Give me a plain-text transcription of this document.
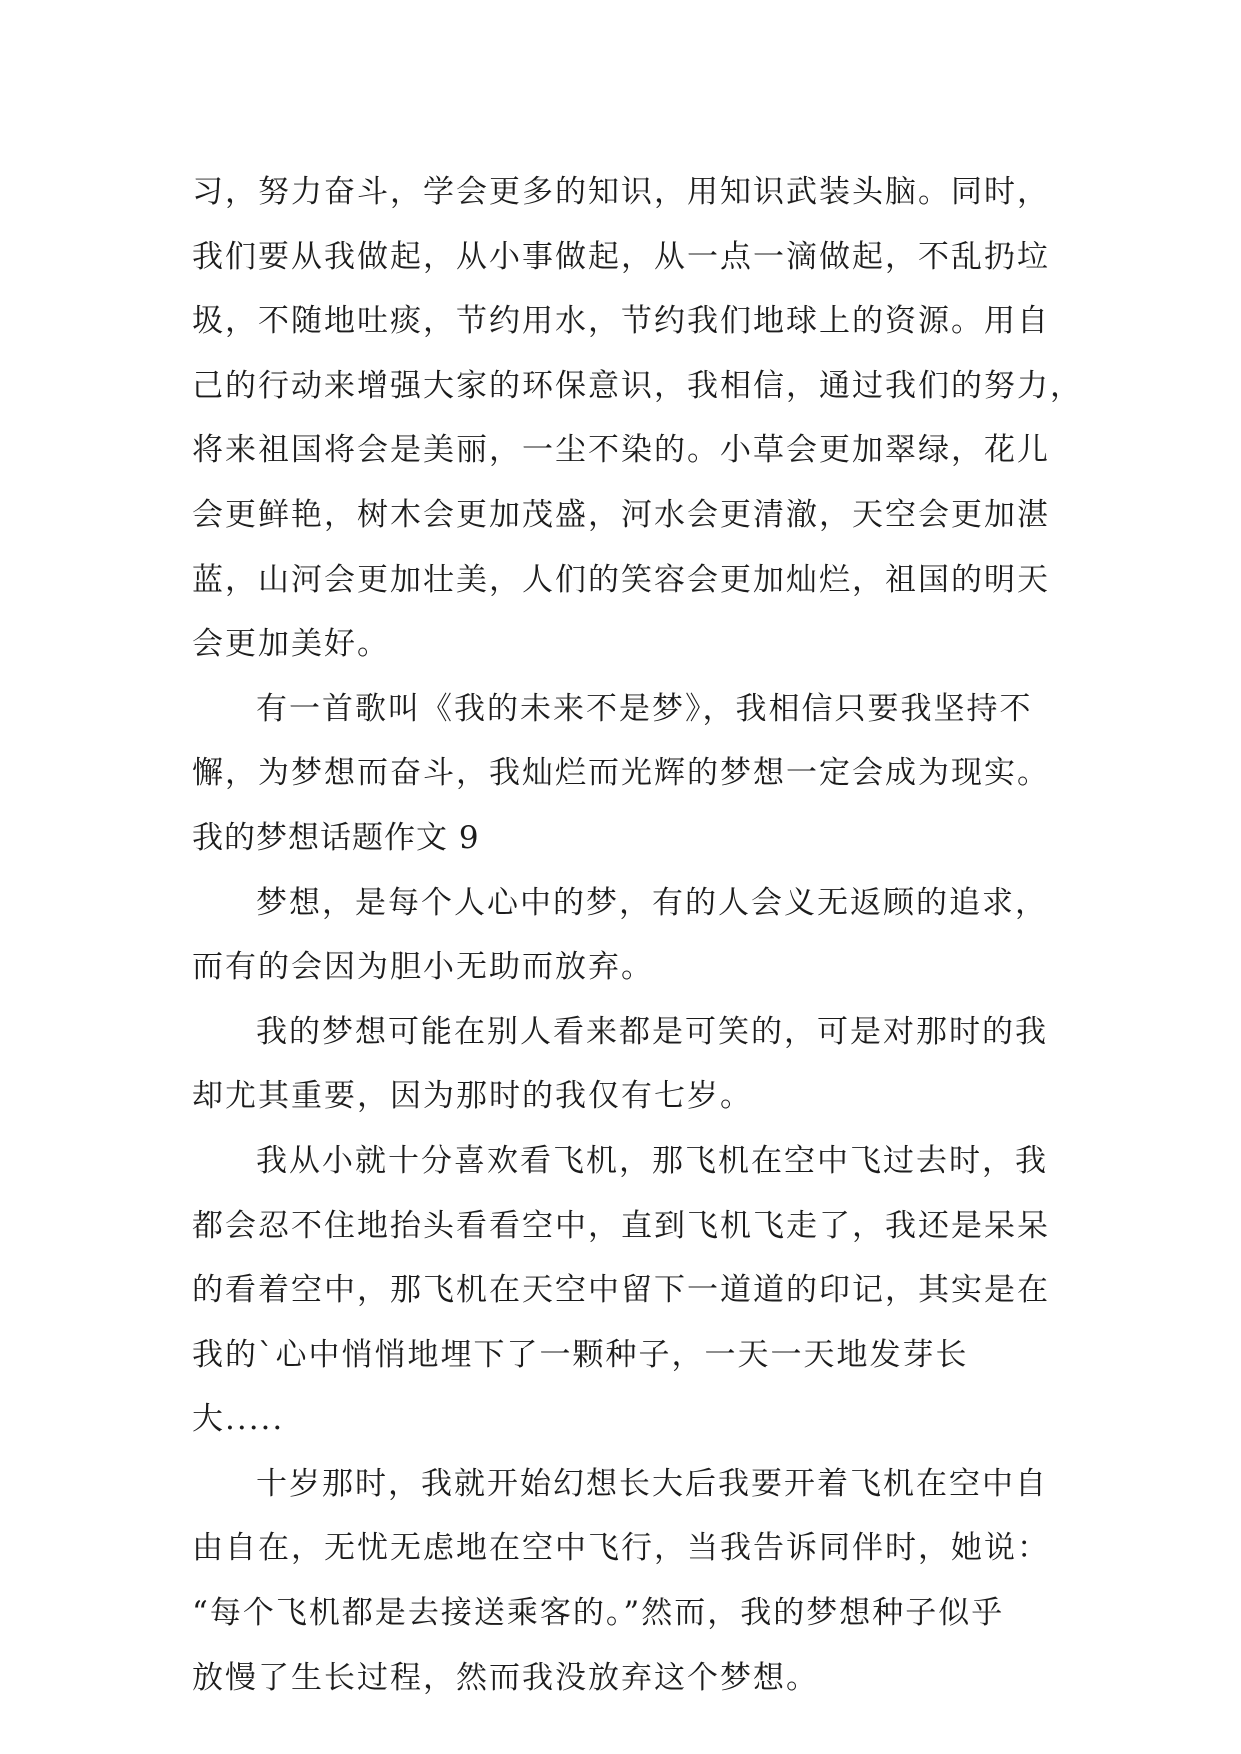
习，努力奋斗，学会更多的知识，用知识武装头脑。同时，
我们要从我做起，从小事做起，从一点一滴做起，不乱扔垃
圾，不随地吐痰，节约用水，节约我们地球上的资源。用自
己的行动来增强大家的环保意识，我相信，通过我们的努力，
将来祖国将会是美丽，一尘不染的。小草会更加翠绿，花儿
会更鲜艳，树木会更加茂盛，河水会更清澈，天空会更加湛
蓝，山河会更加壮美，人们的笑容会更加灿烂，祖国的明天
会更加美好。
有一首歌叫《我的未来不是梦》，我相信只要我坚持不
懈，为梦想而奋斗，我灿烂而光辉的梦想一定会成为现实。
我的梦想话题作文 9
梦想，是每个人心中的梦，有的人会义无返顾的追求，
而有的会因为胆小无助而放弃。
我的梦想可能在别人看来都是可笑的，可是对那时的我
却尤其重要，因为那时的我仅有七岁。
我从小就十分喜欢看飞机，那飞机在空中飞过去时，我
都会忍不住地抬头看看空中，直到飞机飞走了，我还是呆呆
的看着空中，那飞机在天空中留下一道道的印记，其实是在
我的`心中悄悄地埋下了一颗种子，一天一天地发芽长
大.....
十岁那时，我就开始幻想长大后我要开着飞机在空中自
由自在，无忧无虑地在空中飞行，当我告诉同伴时，她说：
“每个飞机都是去接送乘客的。”然而，我的梦想种子似乎
放慢了生长过程，然而我没放弃这个梦想。
